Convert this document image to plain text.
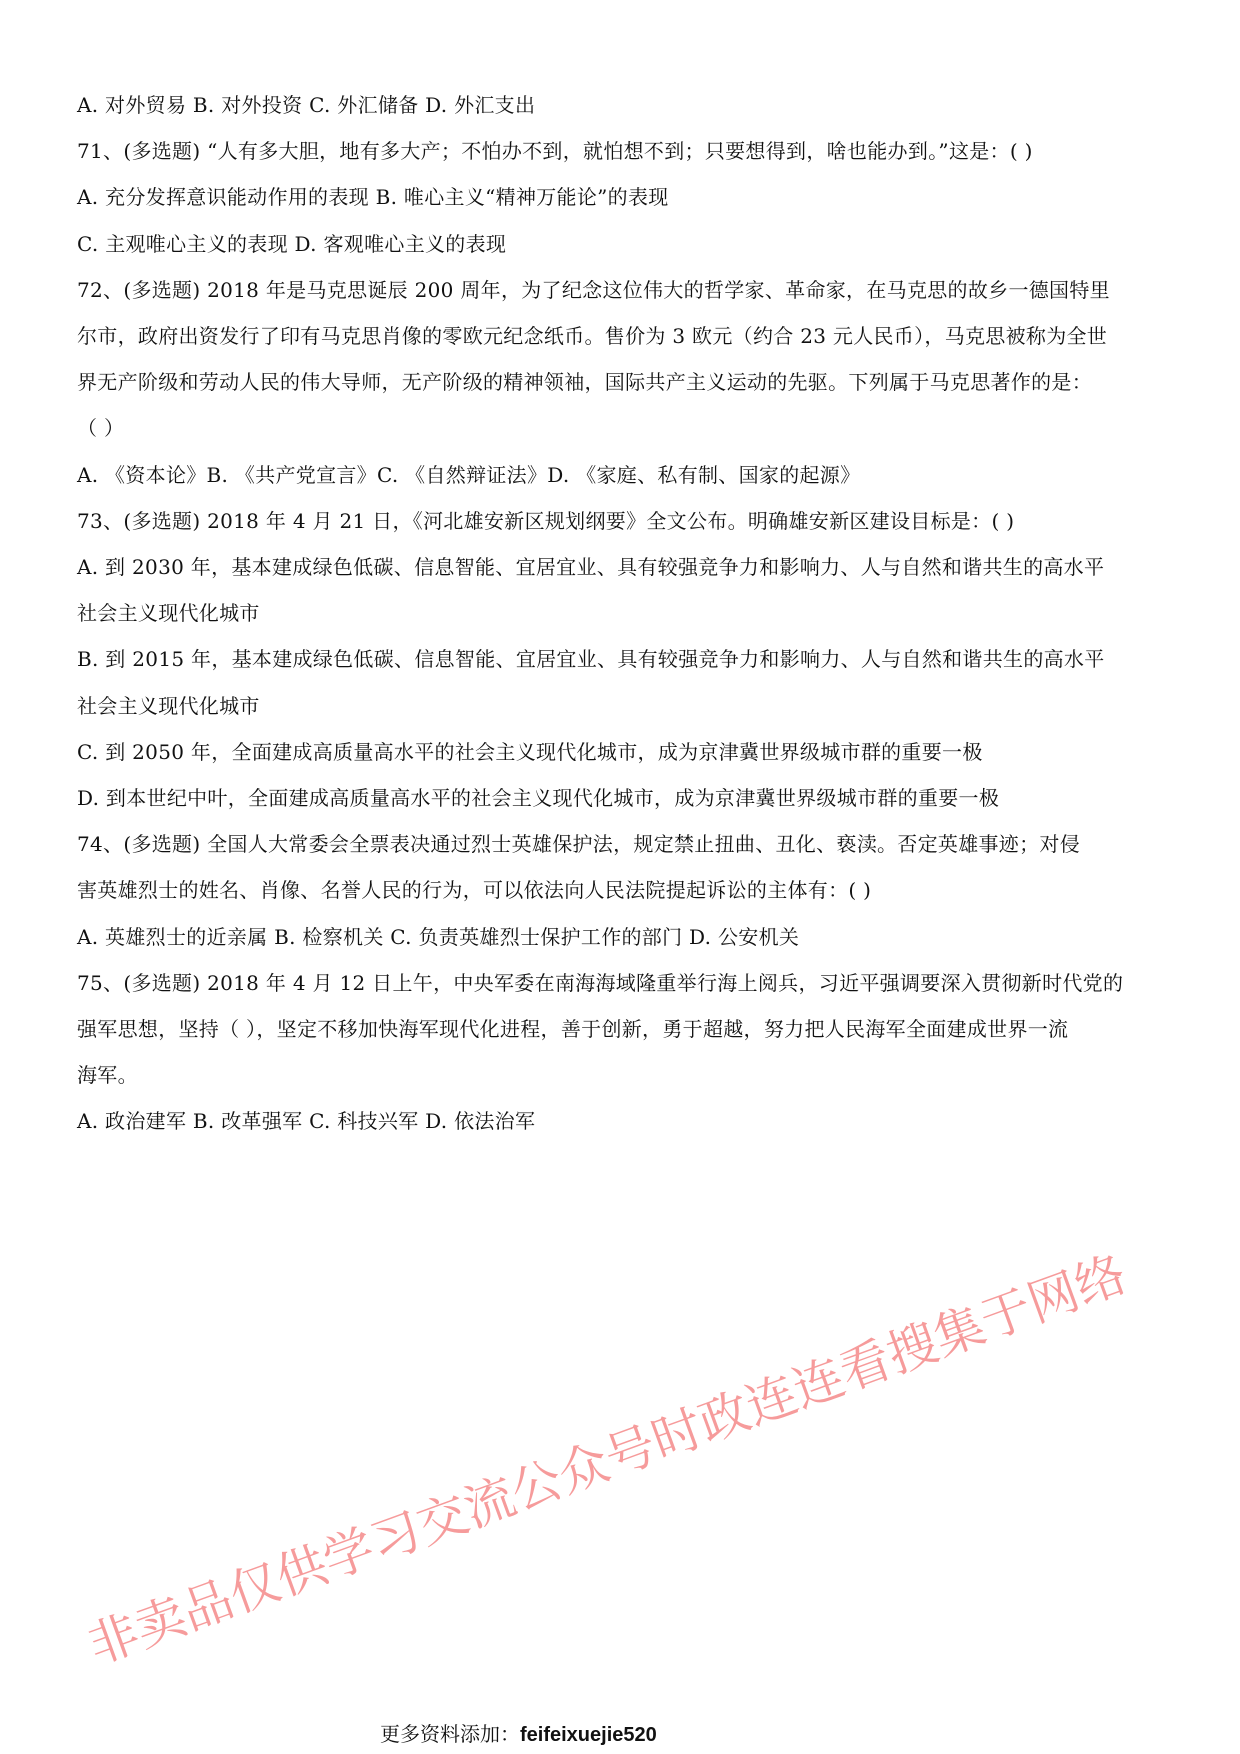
A. 对外贸易 B. 对外投资 C. 外汇储备 D. 外汇支出
71、(多选题) “人有多大胆，地有多大产；不怕办不到，就怕想不到；只要想得到，啥也能办到。”这是：( )
A. 充分发挥意识能动作用的表现 B. 唯心主义“精神万能论”的表现
C. 主观唯心主义的表现 D. 客观唯心主义的表现
72、(多选题) 2018 年是马克思诞辰 200 周年，为了纪念这位伟大的哲学家、革命家，在马克思的故乡一德国特里
尔市，政府出资发行了印有马克思肖像的零欧元纪念纸币。售价为 3 欧元（约合 23 元人民币），马克思被称为全世
界无产阶级和劳动人民的伟大导师，无产阶级的精神领袖，国际共产主义运动的先驱。下列属于马克思著作的是：
（ ）
A. 《资本论》B. 《共产党宣言》C. 《自然辩证法》D. 《家庭、私有制、国家的起源》
73、(多选题) 2018 年 4 月 21 日，《河北雄安新区规划纲要》全文公布。明确雄安新区建设目标是：( )
A. 到 2030 年，基本建成绿色低碳、信息智能、宜居宜业、具有较强竞争力和影响力、人与自然和谐共生的高水平
社会主义现代化城市
B. 到 2015 年，基本建成绿色低碳、信息智能、宜居宜业、具有较强竞争力和影响力、人与自然和谐共生的高水平
社会主义现代化城市
C. 到 2050 年，全面建成高质量高水平的社会主义现代化城市，成为京津冀世界级城市群的重要一极
D. 到本世纪中叶，全面建成高质量高水平的社会主义现代化城市，成为京津冀世界级城市群的重要一极
74、(多选题) 全国人大常委会全票表决通过烈士英雄保护法，规定禁止扭曲、丑化、亵渎。否定英雄事迹；对侵
害英雄烈士的姓名、肖像、名誉人民的行为，可以依法向人民法院提起诉讼的主体有：( )
A. 英雄烈士的近亲属 B. 检察机关 C. 负责英雄烈士保护工作的部门 D. 公安机关
75、(多选题) 2018 年 4 月 12 日上午，中央军委在南海海域隆重举行海上阅兵，习近平强调要深入贯彻新时代党的
强军思想，坚持（ ），坚定不移加快海军现代化进程，善于创新，勇于超越，努力把人民海军全面建成世界一流
海军。
A. 政治建军 B. 改革强军 C. 科技兴军 D. 依法治军
非卖品仅供学习交流公众号时政连连看搜集于网络
更多资料添加：feifeixuejie520
